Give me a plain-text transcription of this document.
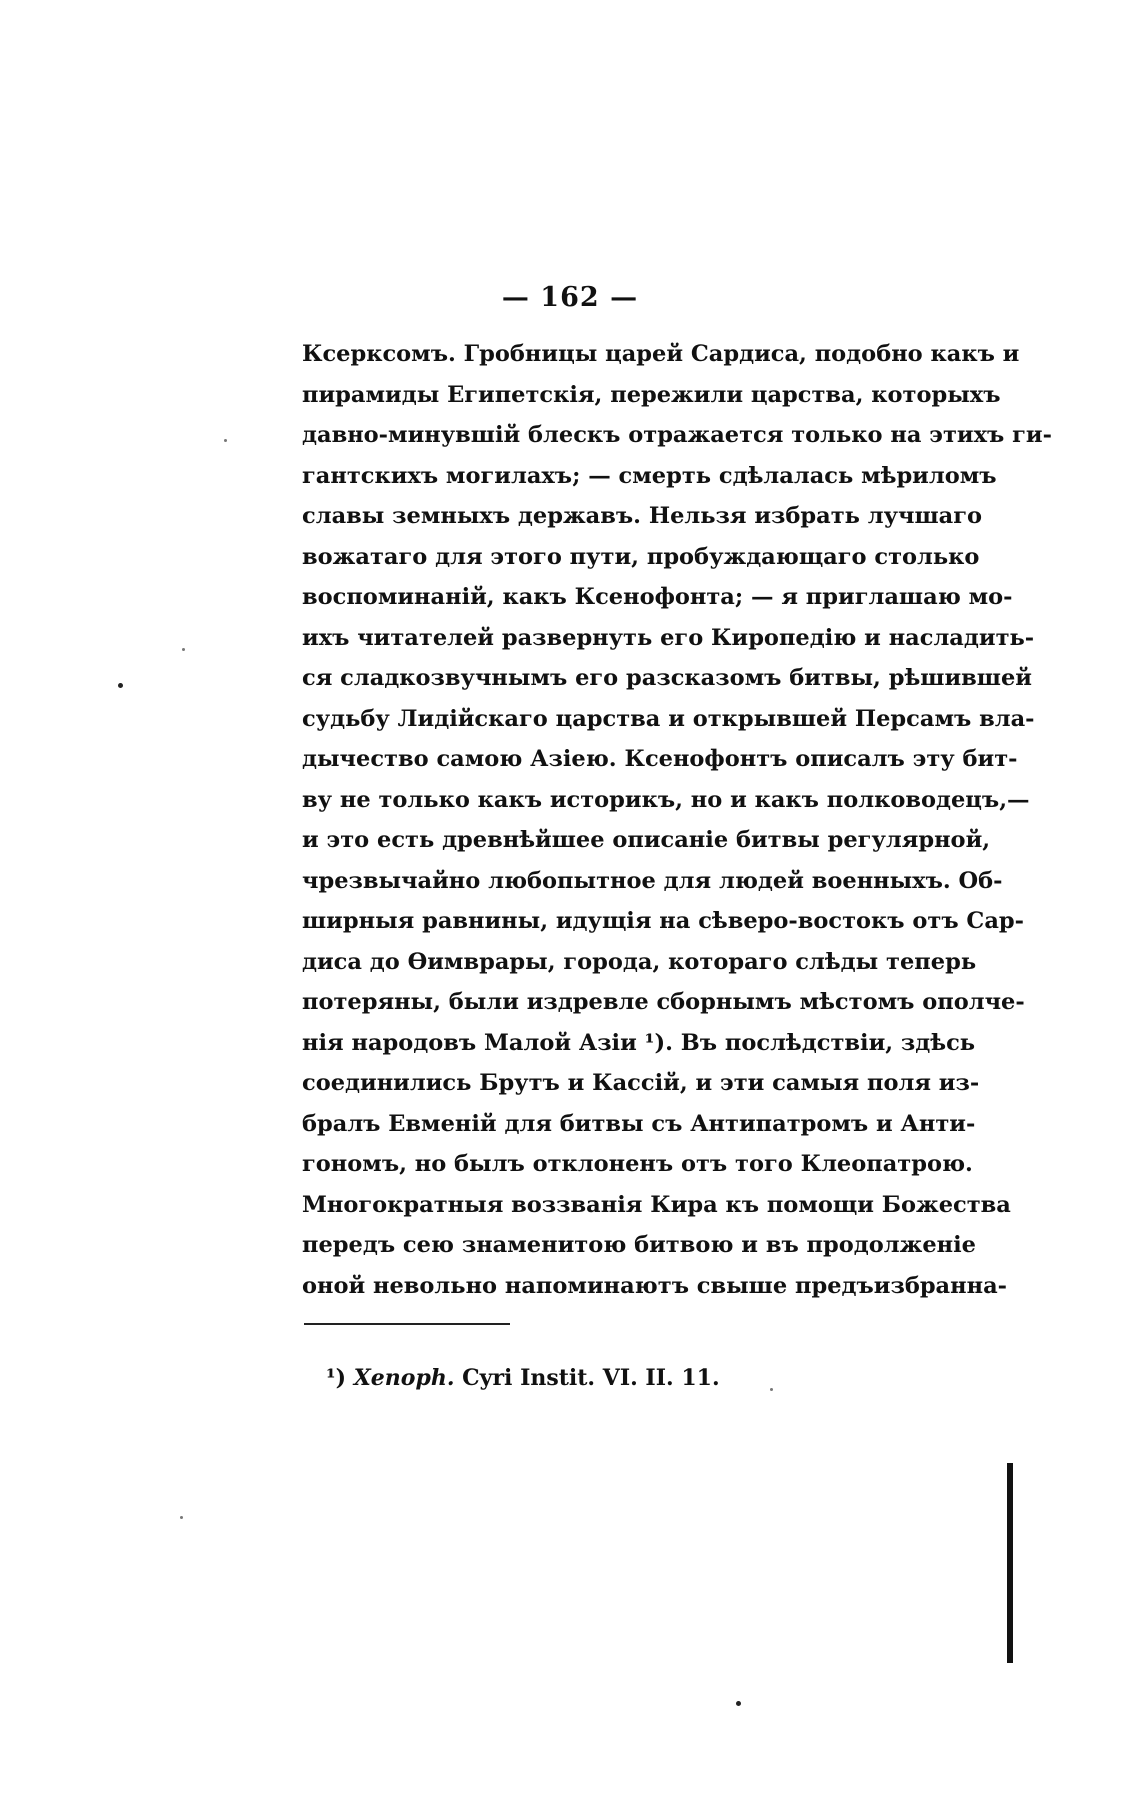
— 162 —
Ксерксомъ. Гробницы царей Сардиса, подобно какъ и
пирамиды Египетскія, пережили царства, которыхъ
давно-минувшій блескъ отражается только на этихъ ги-
гантскихъ могилахъ; — смерть сдѣлалась мѣриломъ
славы земныхъ державъ. Нельзя избрать лучшаго
вожатаго для этого пути, пробуждающаго столько
воспоминаній, какъ Ксенофонта; — я приглашаю мо-
ихъ читателей развернуть его Киропедію и насладить-
ся сладкозвучнымъ его разсказомъ битвы, рѣшившей
судьбу Лидійскаго царства и открывшей Персамъ вла-
дычество самою Азіею. Ксенофонтъ описалъ эту бит-
ву не только какъ историкъ, но и какъ полководецъ,—
и это есть древнѣйшее описаніе битвы регулярной,
чрезвычайно любопытное для людей военныхъ. Об-
ширныя равнины, идущія на сѣверо-востокъ отъ Сар-
диса до Ѳимвpaры, города, котораго слѣды теперь
потеряны, были издревле сборнымъ мѣстомъ ополче-
нія народовъ Малой Азіи ¹). Въ послѣдствіи, здѣсь
соединились Брутъ и Кассій, и эти самыя поля из-
бралъ Евменій для битвы съ Антипатромъ и Анти-
гономъ, но былъ отклоненъ отъ того Клеопатрою.
Многократныя воззванія Кира къ помощи Божества
передъ сею знаменитою битвою и въ продолженіе
оной невольно напоминаютъ свыше предъизбранна-
¹) Xenoph. Cyri Instit. VI. II. 11.
